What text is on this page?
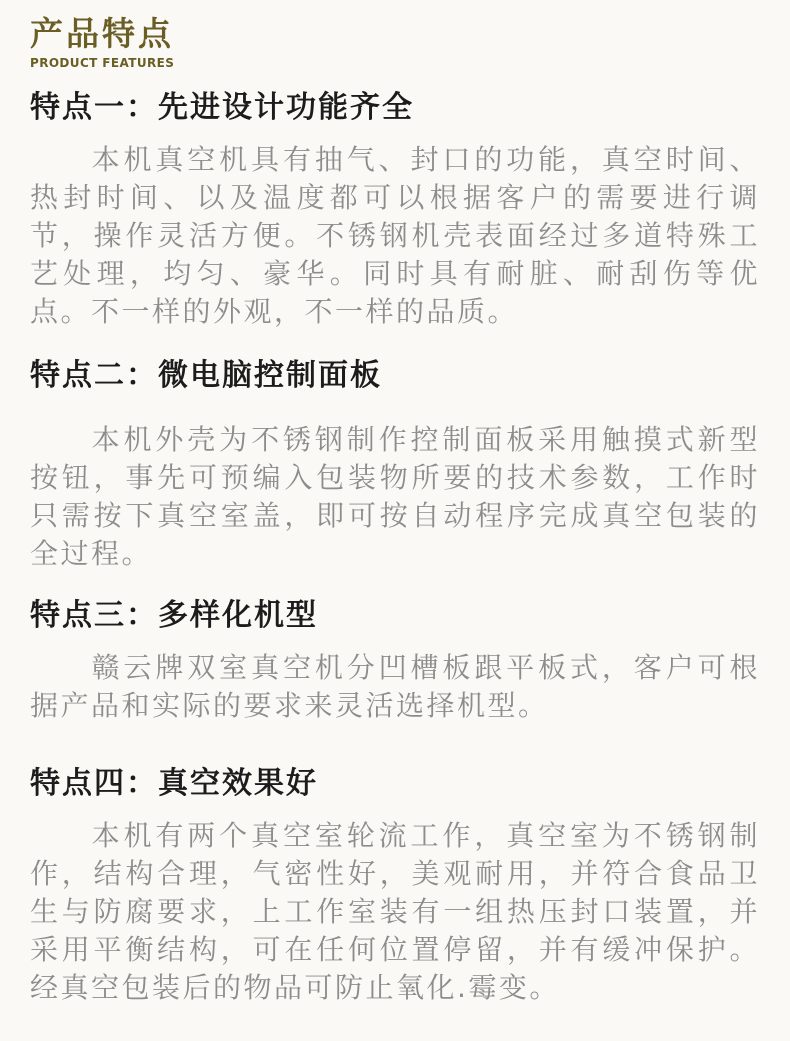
产品特点
PRODUCT FEATURES
特点一：先进设计功能齐全

本机真空机具有抽气、封口的功能，真空时间、热封时间、以及温度都可以根据客户的需要进行调节，操作灵活方便。不锈钢机壳表面经过多道特殊工艺处理，均匀、豪华。同时具有耐脏、耐刮伤等优点。不一样的外观，不一样的品质。

特点二：微电脑控制面板

本机外壳为不锈钢制作控制面板采用触摸式新型按钮，事先可预编入包装物所要的技术参数，工作时只需按下真空室盖，即可按自动程序完成真空包装的全过程。

特点三：多样化机型

赣云牌双室真空机分凹槽板跟平板式，客户可根据产品和实际的要求来灵活选择机型。

特点四：真空效果好

本机有两个真空室轮流工作，真空室为不锈钢制作，结构合理，气密性好，美观耐用，并符合食品卫生与防腐要求，上工作室装有一组热压封口装置，并采用平衡结构，可在任何位置停留，并有缓冲保护。经真空包装后的物品可防止氧化.霉变。
